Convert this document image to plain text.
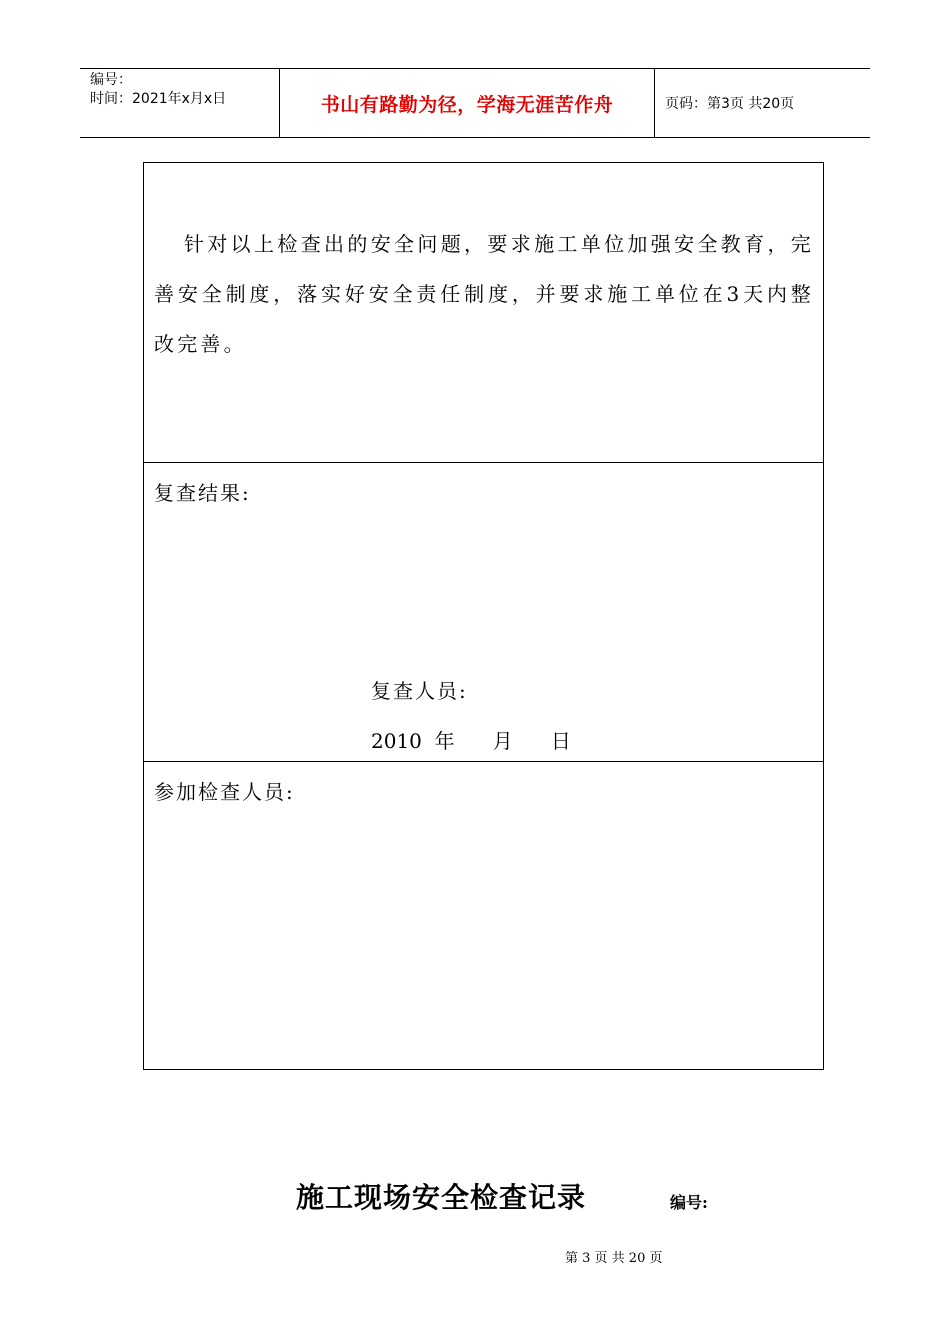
编号：
时间：2021年x月x日	书山有路勤为径，学海无涯苦作舟	页码：第3页 共20页
针对以上检查出的安全问题，要求施工单位加强安全教育，完善安全制度，落实好安全责任制度，并要求施工单位在3天内整改完善。
复查结果:
复查人员:
2010  年      月      日
参加检查人员:
施工现场安全检查记录	编号:
第 3 页 共 20 页
